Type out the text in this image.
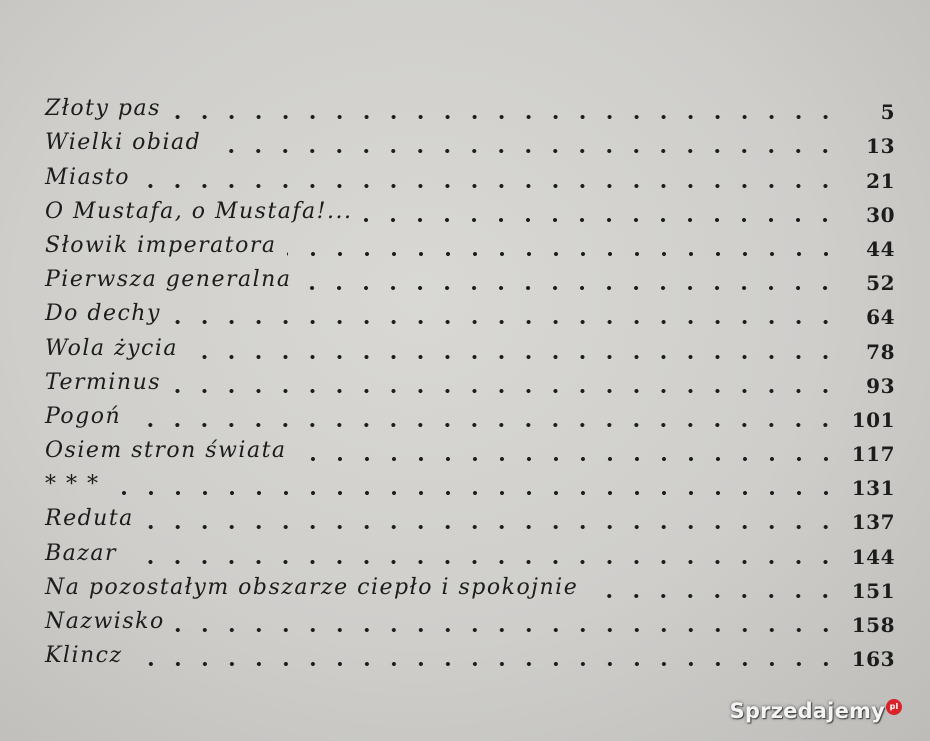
Złoty pas	5
Wielki obiad	13
Miasto	21
O Mustafa, o Mustafa!...	30
Słowik imperatora	44
Pierwsza generalna	52
Do dechy	64
Wola życia	78
Terminus	93
Pogoń	101
Osiem stron świata	117
* * *	131
Reduta	137
Bazar	144
Na pozostałym obszarze ciepło i spokojnie	151
Nazwisko	158
Klincz	163
Sprzedajemy pl
